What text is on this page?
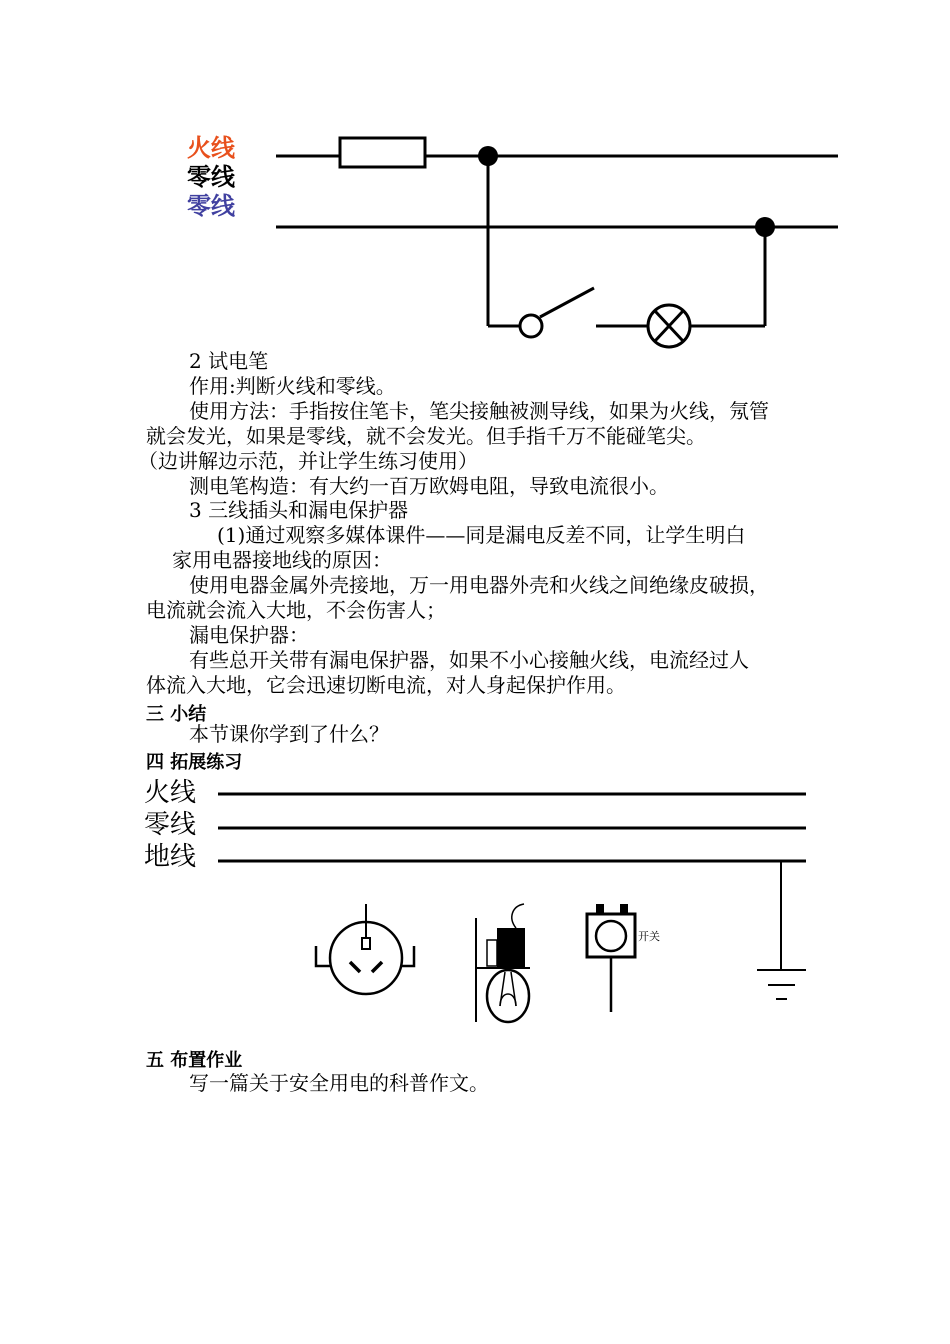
火线
零线
零线
2 试电笔
作用:判断火线和零线。
使用方法：手指按住笔卡，笔尖接触被测导线，如果为火线，氖管
就会发光，如果是零线，就不会发光。但手指千万不能碰笔尖。
（边讲解边示范，并让学生练习使用）
测电笔构造：有大约一百万欧姆电阻，导致电流很小。
3 三线插头和漏电保护器
(1)通过观察多媒体课件——同是漏电反差不同，让学生明白
家用电器接地线的原因：
使用电器金属外壳接地，万一用电器外壳和火线之间绝缘皮破损，
电流就会流入大地，不会伤害人；
漏电保护器：
有些总开关带有漏电保护器，如果不小心接触火线，电流经过人
体流入大地，它会迅速切断电流，对人身起保护作用。
三 小结
本节课你学到了什么？
四 拓展练习
火线
零线
地线
开关
五 布置作业
写一篇关于安全用电的科普作文。
